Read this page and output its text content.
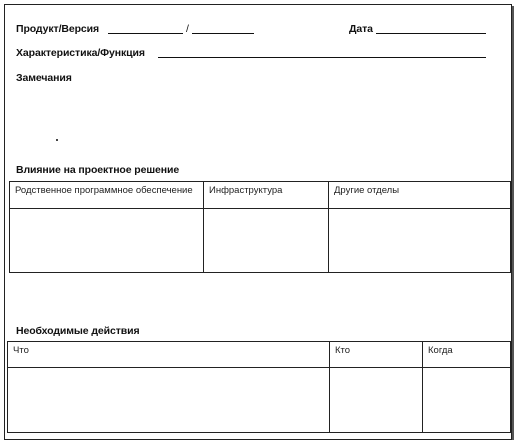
Продукт/Версия	/	Дата
Характеристика/Функция
Замечания
Влияние на проектное решение
Родственное программное обеспечение	Инфраструктура	Другие отделы

Необходимые действия
Что	Кто	Когда
